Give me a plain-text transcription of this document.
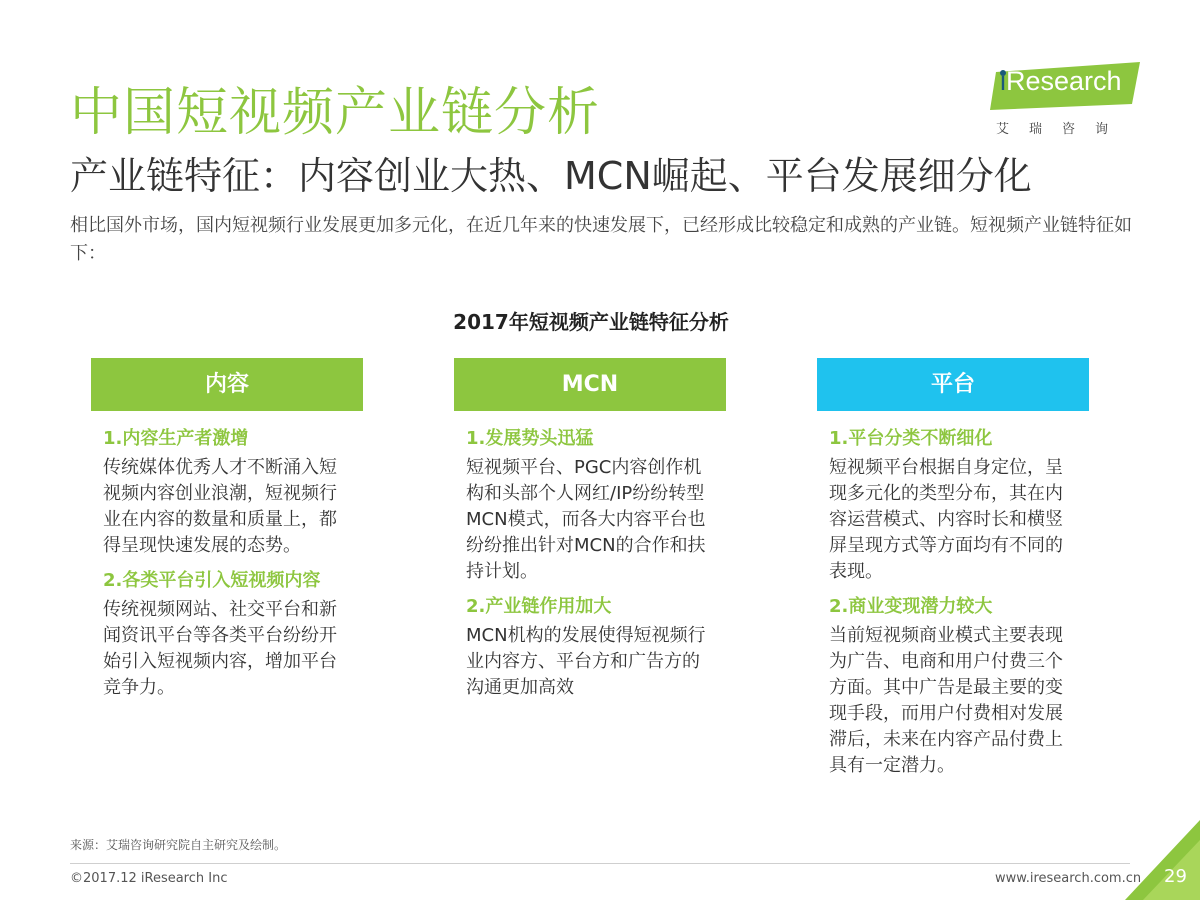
中国短视频产业链分析
iResearch
艾瑞咨询
产业链特征：内容创业大热、MCN崛起、平台发展细分化
相比国外市场，国内短视频行业发展更加多元化，在近几年来的快速发展下，已经形成比较稳定和成熟的产业链。短视频产业链特征如下：
2017年短视频产业链特征分析
内容
1.内容生产者激增
传统媒体优秀人才不断涌入短视频内容创业浪潮，短视频行业在内容的数量和质量上，都得呈现快速发展的态势。
2.各类平台引入短视频内容
传统视频网站、社交平台和新闻资讯平台等各类平台纷纷开始引入短视频内容，增加平台竞争力。
MCN
1.发展势头迅猛
短视频平台、PGC内容创作机构和头部个人网红/IP纷纷转型MCN模式，而各大内容平台也纷纷推出针对MCN的合作和扶持计划。
2.产业链作用加大
MCN机构的发展使得短视频行业内容方、平台方和广告方的沟通更加高效
平台
1.平台分类不断细化
短视频平台根据自身定位，呈现多元化的类型分布，其在内容运营模式、内容时长和横竖屏呈现方式等方面均有不同的表现。
2.商业变现潜力较大
当前短视频商业模式主要表现为广告、电商和用户付费三个方面。其中广告是最主要的变现手段，而用户付费相对发展滞后，未来在内容产品付费上具有一定潜力。
来源：艾瑞咨询研究院自主研究及绘制。
©2017.12 iResearch Inc	www.iresearch.com.cn 29
